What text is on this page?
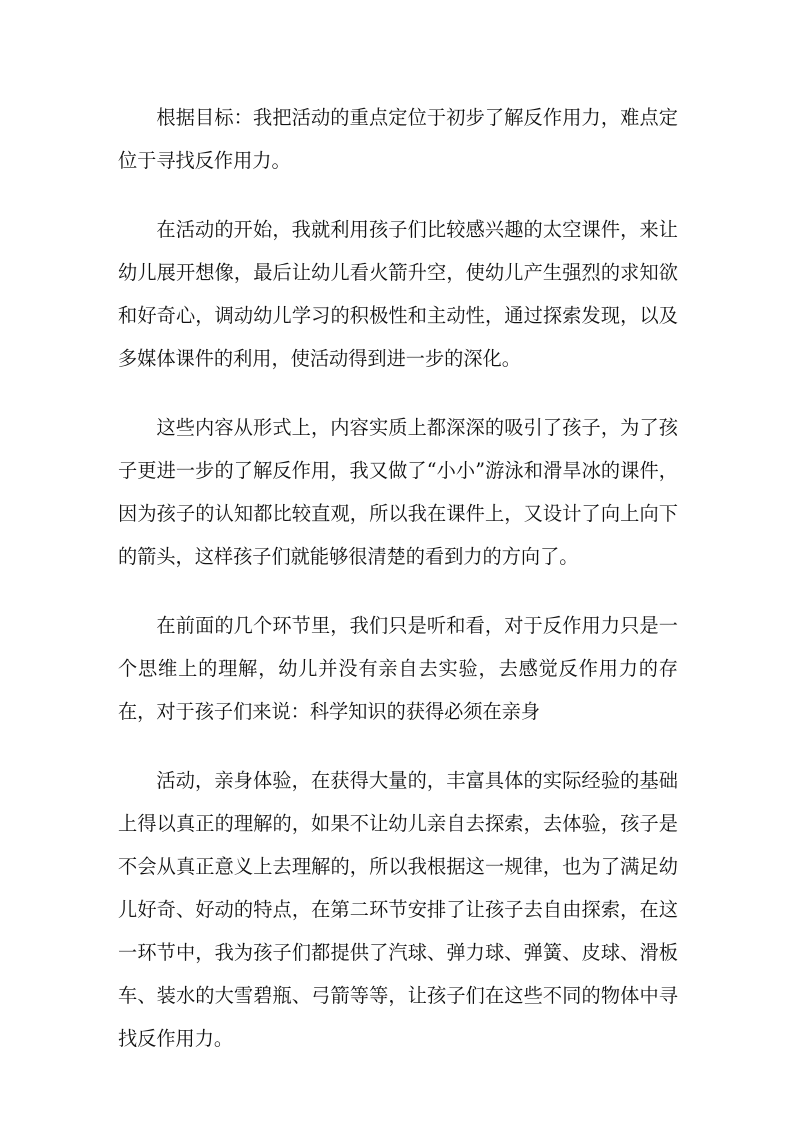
根据目标：我把活动的重点定位于初步了解反作用力，难点定位于寻找反作用力。

在活动的开始，我就利用孩子们比较感兴趣的太空课件，来让幼儿展开想像，最后让幼儿看火箭升空，使幼儿产生强烈的求知欲和好奇心，调动幼儿学习的积极性和主动性，通过探索发现，以及多媒体课件的利用，使活动得到进一步的深化。

这些内容从形式上，内容实质上都深深的吸引了孩子，为了孩子更进一步的了解反作用，我又做了“小小”游泳和滑旱冰的课件，因为孩子的认知都比较直观，所以我在课件上，又设计了向上向下的箭头，这样孩子们就能够很清楚的看到力的方向了。

在前面的几个环节里，我们只是听和看，对于反作用力只是一个思维上的理解，幼儿并没有亲自去实验，去感觉反作用力的存在，对于孩子们来说：科学知识的获得必须在亲身

活动，亲身体验，在获得大量的，丰富具体的实际经验的基础上得以真正的理解的，如果不让幼儿亲自去探索，去体验，孩子是不会从真正意义上去理解的，所以我根据这一规律，也为了满足幼儿好奇、好动的特点，在第二环节安排了让孩子去自由探索，在这一环节中，我为孩子们都提供了汽球、弹力球、弹簧、皮球、滑板车、装水的大雪碧瓶、弓箭等等，让孩子们在这些不同的物体中寻找反作用力。
